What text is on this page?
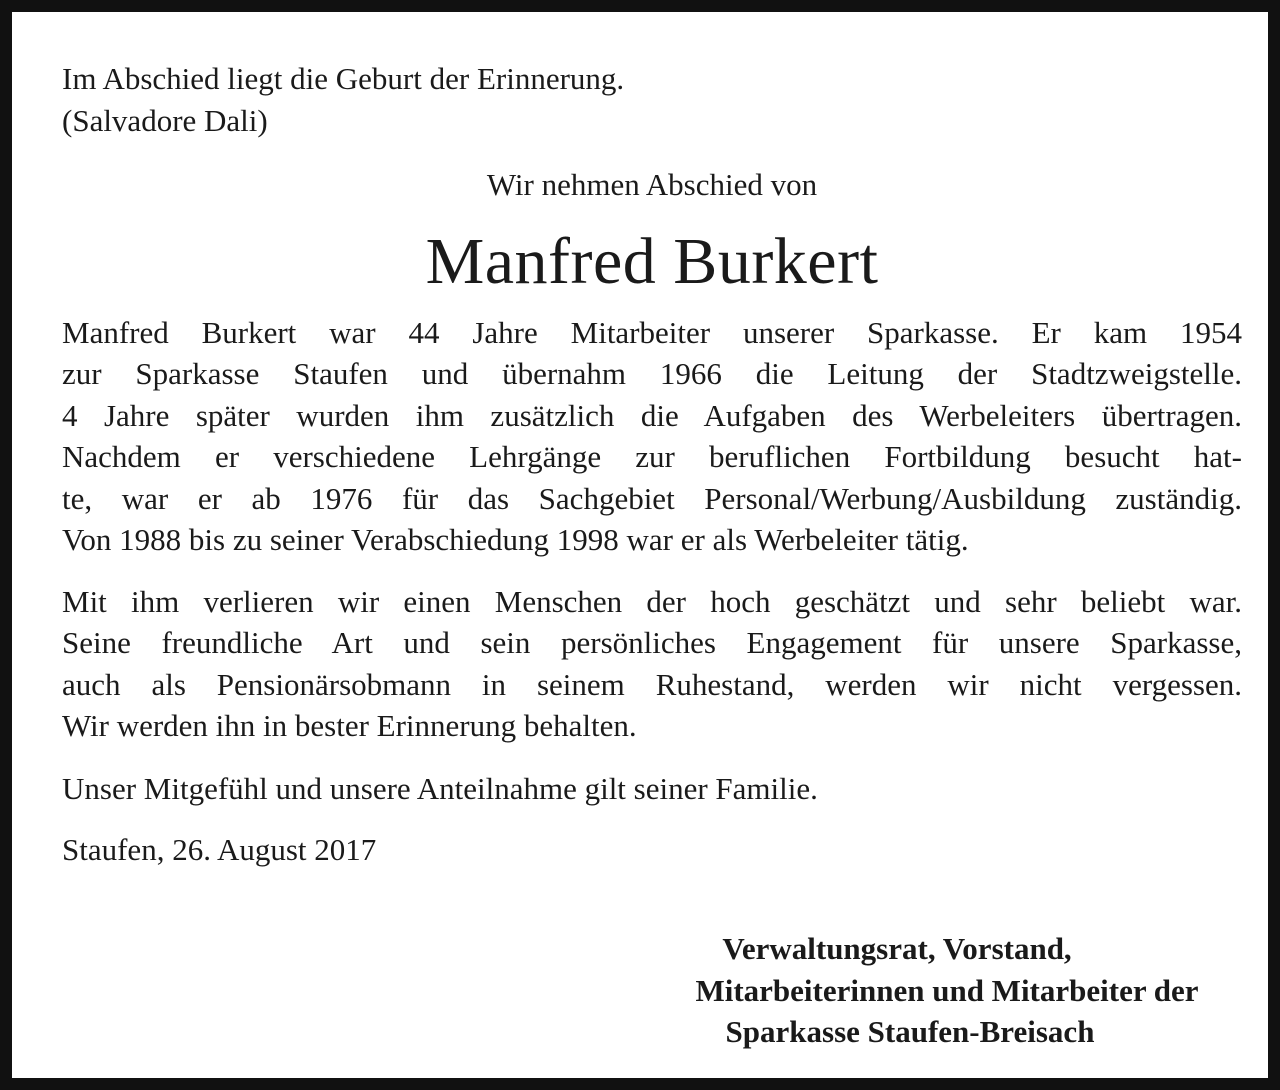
Im Abschied liegt die Geburt der Erinnerung.

(Salvadore Dali)

Wir nehmen Abschied von
Manfred Burkert

Manfred Burkert war 44 Jahre Mitarbeiter unserer Sparkasse. Er kam 1954
zur Sparkasse Staufen und übernahm 1966 die Leitung der Stadtzweigstelle.
4 Jahre später wurden ihm zusätzlich die Aufgaben des Werbeleiters übertragen.
Nachdem er verschiedene Lehrgänge zur beruflichen Fortbildung besucht hat-
te, war er ab 1976 für das Sachgebiet Personal/Werbung/Ausbildung zuständig.
Von 1988 bis zu seiner Verabschiedung 1998 war er als Werbeleiter tätig.

Mit ihm verlieren wir einen Menschen der hoch geschätzt und sehr beliebt war.
Seine freundliche Art und sein persönliches Engagement für unsere Sparkasse,
auch als Pensionärsobmann in seinem Ruhestand, werden wir nicht vergessen.
Wir werden ihn in bester Erinnerung behalten.

Unser Mitgefühl und unsere Anteilnahme gilt seiner Familie.

Staufen, 26. August 2017

Verwaltungsrat, Vorstand,
Mitarbeiterinnen und Mitarbeiter der
Sparkasse Staufen-Breisach
